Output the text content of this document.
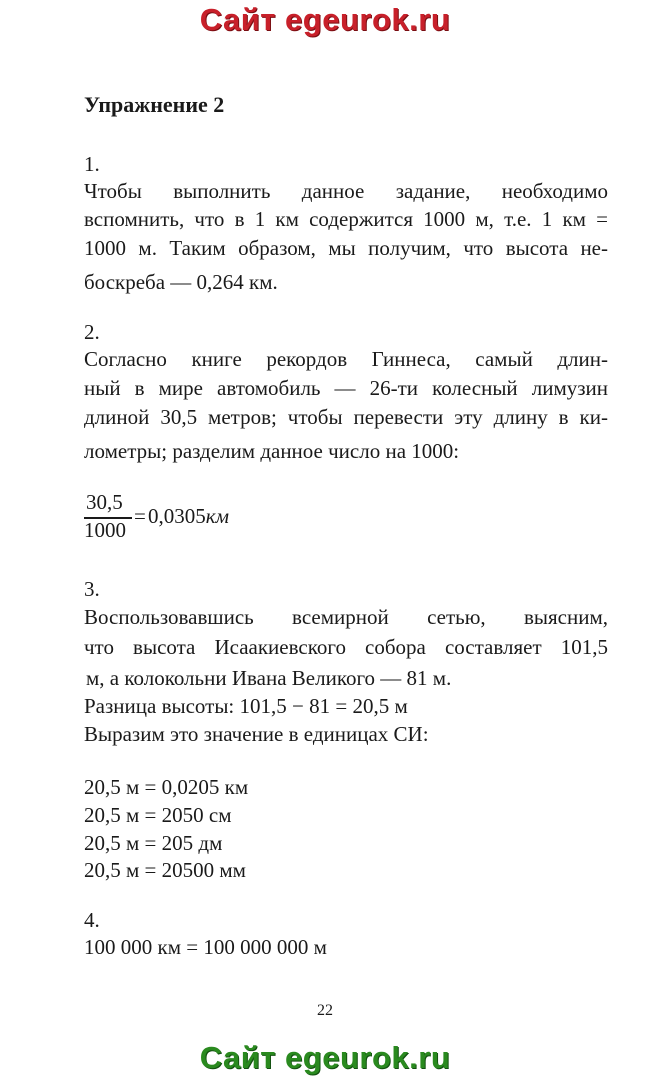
Сайт egeurok.ru
Упражнение 2
1.
Чтобы выполнить данное задание, необходимо
вспомнить, что в 1 км содержится 1000 м, т.е. 1 км =
1000 м. Таким образом, мы получим, что высота не-
боскреба — 0,264 км.
2.
Согласно книге рекордов Гиннеса, самый длин-
ный в мире автомобиль — 26-ти колесный лимузин
длиной 30,5 метров; чтобы перевести эту длину в ки-
лометры; разделим данное число на 1000:
30,5
1000
= 0,0305км
3.
Воспользовавшись всемирной сетью, выясним,
что высота Исаакиевского собора составляет 101,5
м, а колокольни Ивана Великого — 81 м.
Разница высоты: 101,5 − 81 = 20,5 м
Выразим это значение в единицах СИ:
20,5 м = 0,0205 км
20,5 м = 2050 см
20,5 м = 205 дм
20,5 м = 20500 мм
4.
100 000 км = 100 000 000 м
22
Сайт egeurok.ru
